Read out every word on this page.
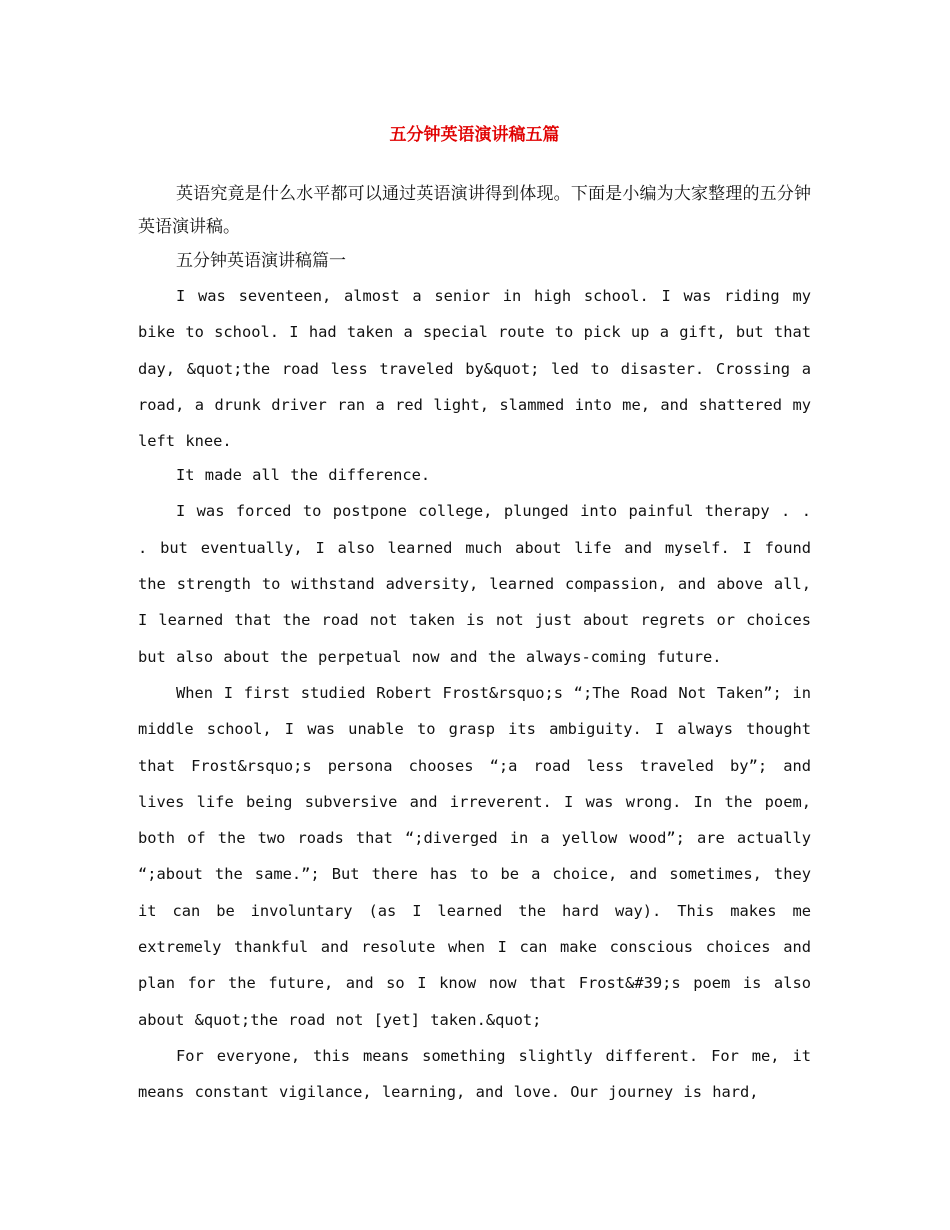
五分钟英语演讲稿五篇

英语究竟是什么水平都可以通过英语演讲得到体现。下面是小编为大家整理的五分钟英语演讲稿。

五分钟英语演讲稿篇一

I was seventeen, almost a senior in high school. I was riding my bike to school. I had taken a special route to pick up a gift, but that day, &quot;the road less traveled by&quot; led to disaster. Crossing a road, a drunk driver ran a red light, slammed into me, and shattered my left knee.

It made all the difference.

I was forced to postpone college, plunged into painful therapy . . . but eventually, I also learned much about life and myself. I found the strength to withstand adversity, learned compassion, and above all, I learned that the road not taken is not just about regrets or choices but also about the perpetual now and the always-coming future.

When I first studied Robert Frost&rsquo;s “;The Road Not Taken”; in middle school, I was unable to grasp its ambiguity. I always thought that Frost&rsquo;s persona chooses “;a road less traveled by”; and lives life being subversive and irreverent. I was wrong. In the poem, both of the two roads that “;diverged in a yellow wood”; are actually “;about the same.”; But there has to be a choice, and sometimes, they it can be involuntary (as I learned the hard way). This makes me extremely thankful and resolute when I can make conscious choices and plan for the future, and so I know now that Frost&#39;s poem is also about &quot;the road not [yet] taken.&quot;

For everyone, this means something slightly different. For me, it means constant vigilance, learning, and love. Our journey is hard,
